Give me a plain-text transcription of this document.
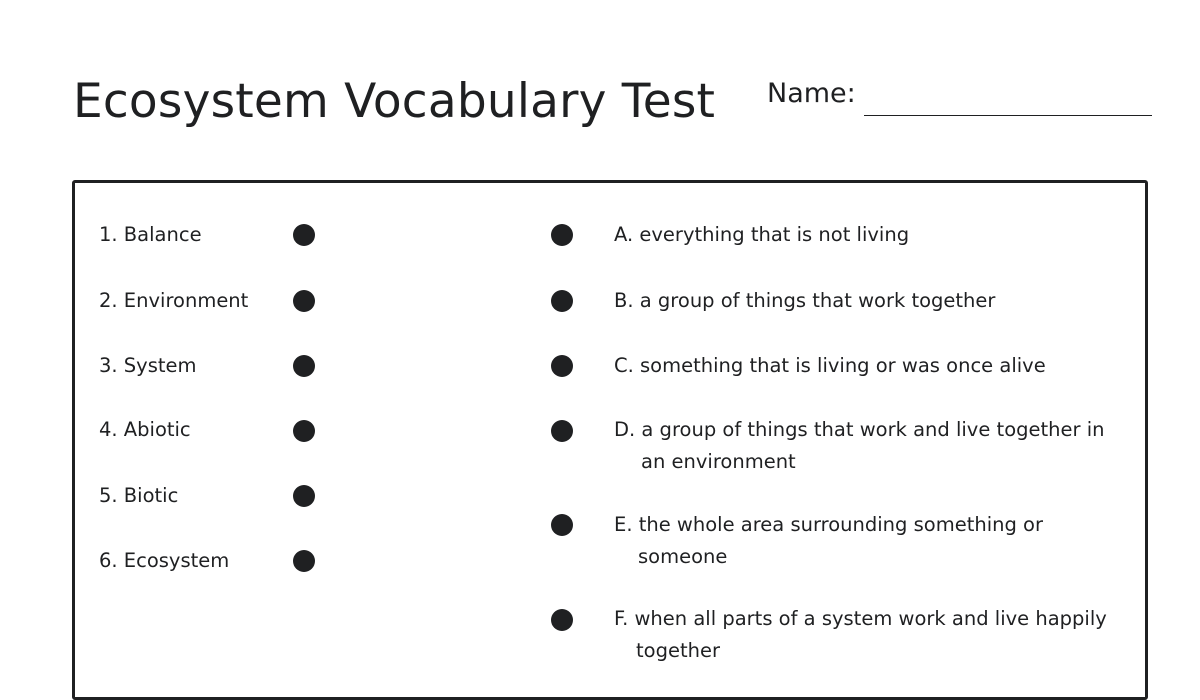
Ecosystem Vocabulary Test Name:
1. Balance
2. Environment
3. System
4. Abiotic
5. Biotic
6. Ecosystem
A. everything that is not living
B. a group of things that work together
C. something that is living or was once alive
D. a group of things that work and live together in
an environment
E. the whole area surrounding something or
someone
F. when all parts of a system work and live happily
together
